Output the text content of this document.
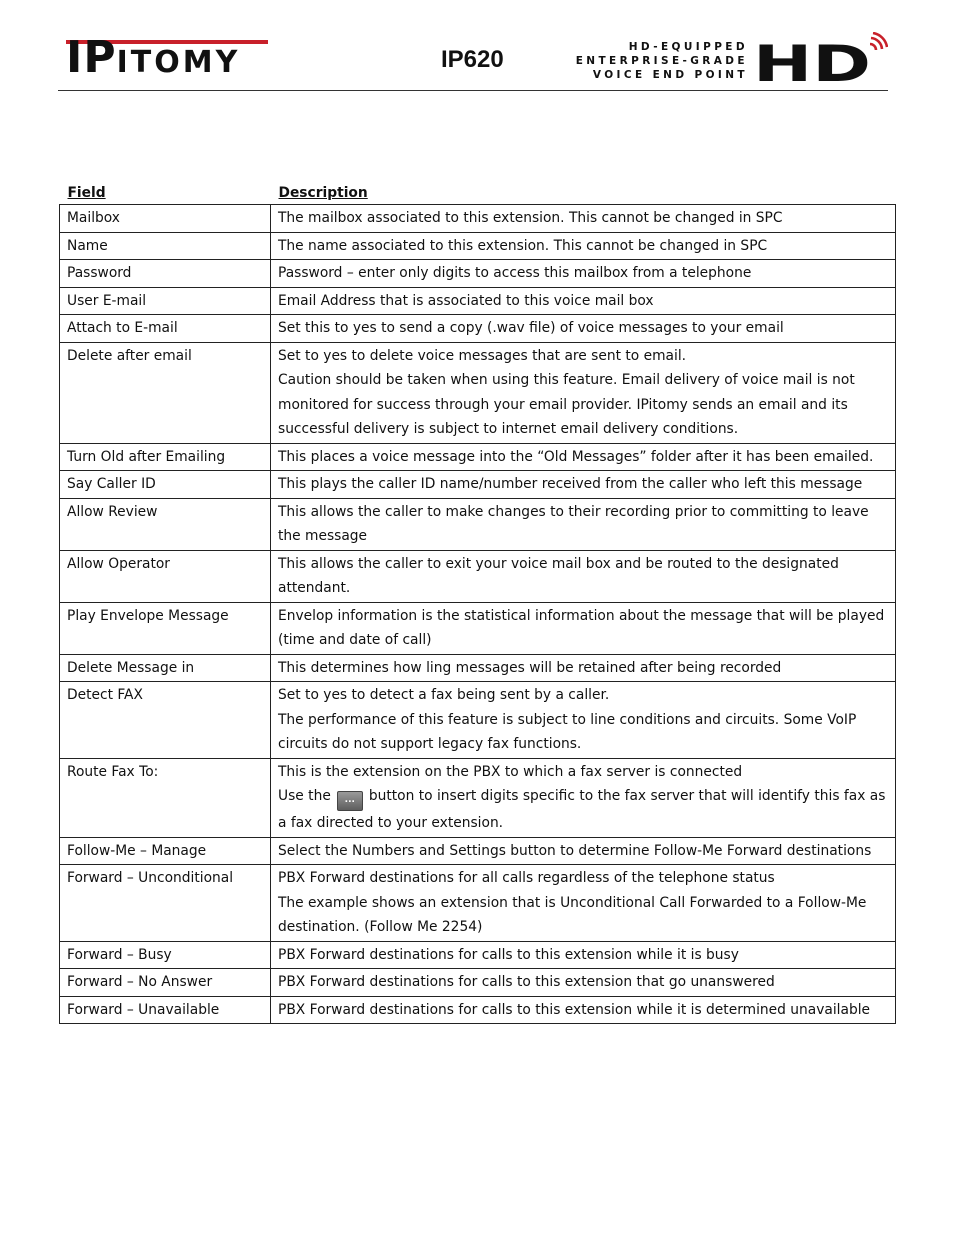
IPITOMY	IP620	HD-EQUIPPED
ENTERPRISE-GRADE
VOICE END POINT HD
Field	Description
Mailbox	The mailbox associated to this extension. This cannot be changed in SPC

Name	The name associated to this extension. This cannot be changed in SPC

Password	Password – enter only digits to access this mailbox from a telephone

User E-mail	Email Address that is associated to this voice mail box

Attach to E-mail	Set this to yes to send a copy (.wav file) of voice messages to your email

Delete after email	Set to yes to delete voice messages that are sent to email.
Caution should be taken when using this feature. Email delivery of voice mail is not monitored for success through your email provider. IPitomy sends an email and its successful delivery is subject to internet email delivery conditions.

Turn Old after Emailing	This places a voice message into the “Old Messages” folder after it has been emailed.

Say Caller ID	This plays the caller ID name/number received from the caller who left this message

Allow Review	This allows the caller to make changes to their recording prior to committing to leave the message

Allow Operator	This allows the caller to exit your voice mail box and be routed to the designated attendant.

Play Envelope Message	Envelop information is the statistical information about the message that will be played (time and date of call)

Delete Message in	This determines how ling messages will be retained after being recorded

Detect FAX	Set to yes to detect a fax being sent by a caller.
The performance of this feature is subject to line conditions and circuits. Some VoIP circuits do not support legacy fax functions.

Route Fax To:	This is the extension on the PBX to which a fax server is connected
Use the ... button to insert digits specific to the fax server that will identify this fax as a fax directed to your extension.

Follow-Me – Manage	Select the Numbers and Settings button to determine Follow-Me Forward destinations

Forward – Unconditional	PBX Forward destinations for all calls regardless of the telephone status
The example shows an extension that is Unconditional Call Forwarded to a Follow-Me destination. (Follow Me 2254)

Forward – Busy	PBX Forward destinations for calls to this extension while it is busy

Forward – No Answer	PBX Forward destinations for calls to this extension that go unanswered

Forward – Unavailable	PBX Forward destinations for calls to this extension while it is determined unavailable
